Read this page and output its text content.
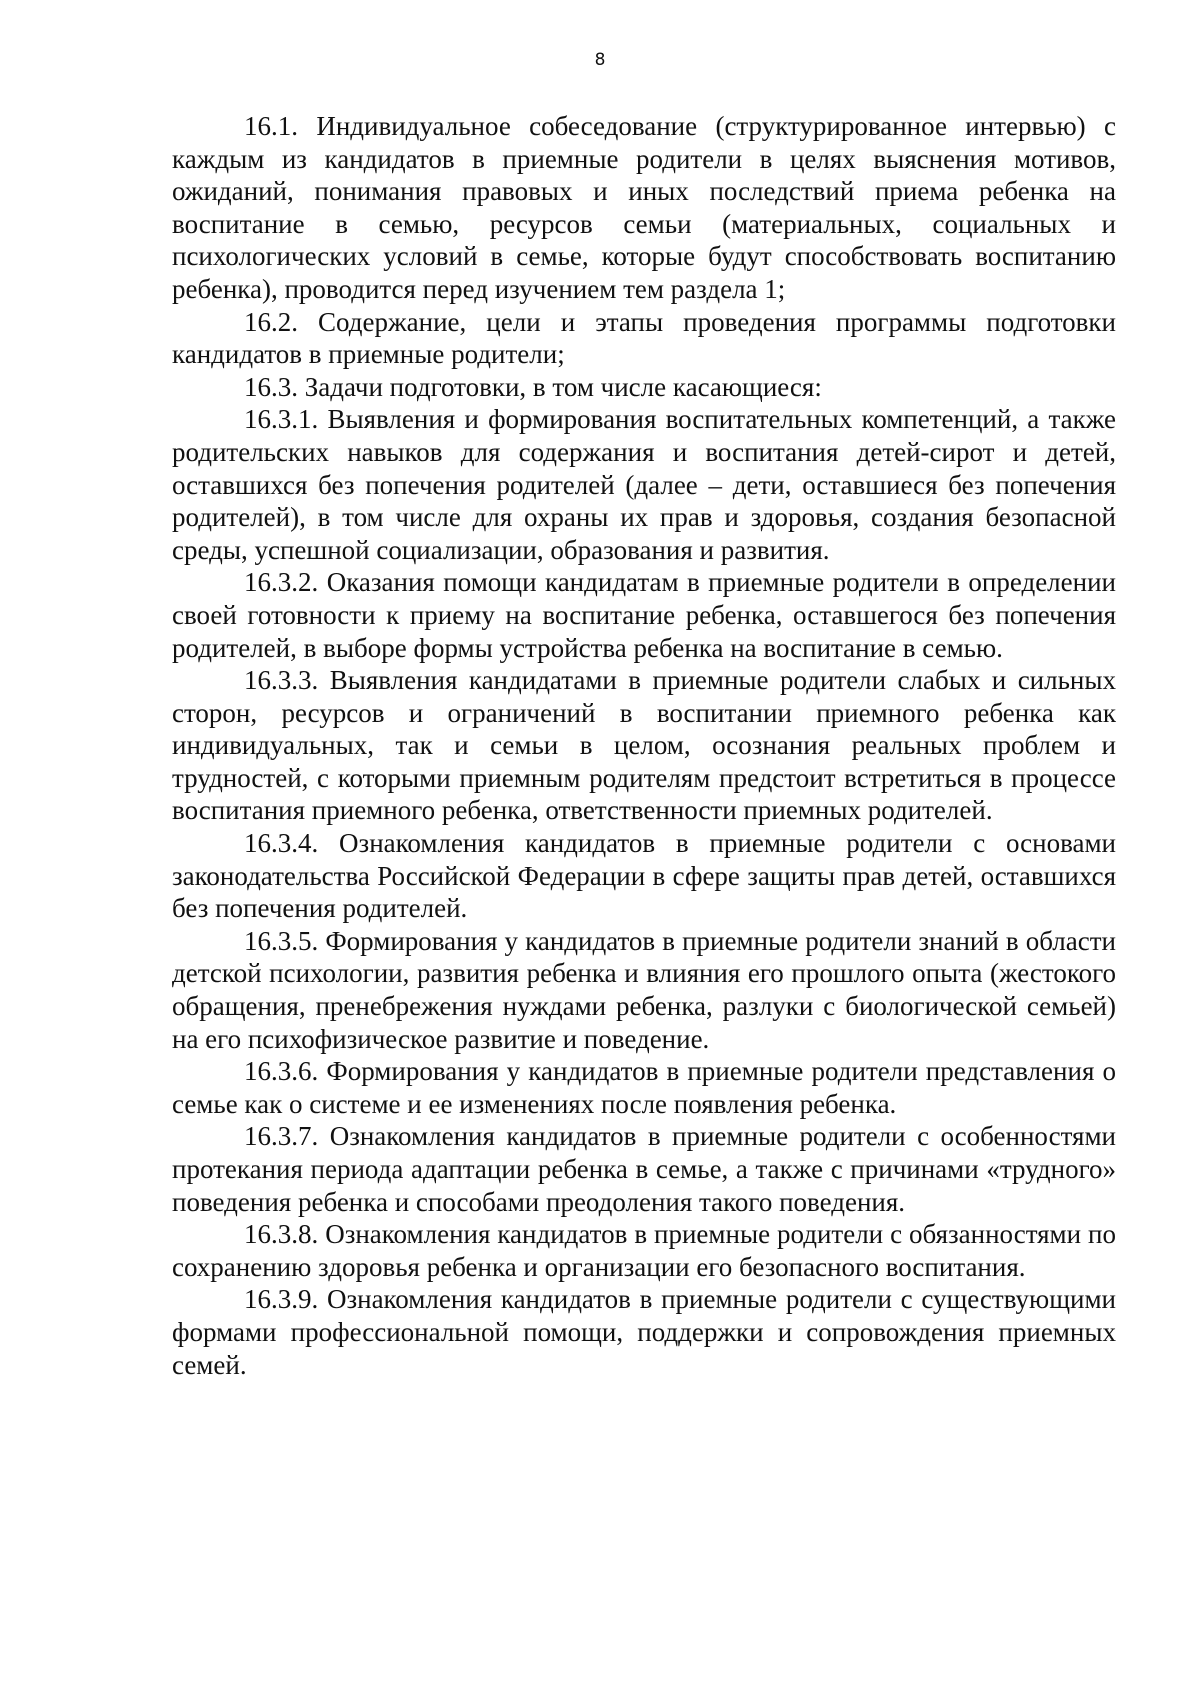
8

16.1. Индивидуальное собеседование (структурированное интервью) с каждым из кандидатов в приемные родители в целях выяснения мотивов, ожиданий, понимания правовых и иных последствий приема ребенка на воспитание в семью, ресурсов семьи (материальных, социальных и психологических условий в семье, которые будут способствовать воспитанию ребенка), проводится перед изучением тем раздела 1;

16.2. Содержание, цели и этапы проведения программы подготовки кандидатов в приемные родители;

16.3. Задачи подготовки, в том числе касающиеся:

16.3.1. Выявления и формирования воспитательных компетенций, а также родительских навыков для содержания и воспитания детей-сирот и детей, оставшихся без попечения родителей (далее – дети, оставшиеся без попечения родителей), в том числе для охраны их прав и здоровья, создания безопасной среды, успешной социализации, образования и развития.

16.3.2. Оказания помощи кандидатам в приемные родители в определении своей готовности к приему на воспитание ребенка, оставшегося без попечения родителей, в выборе формы устройства ребенка на воспитание в семью.

16.3.3. Выявления кандидатами в приемные родители слабых и сильных сторон, ресурсов и ограничений в воспитании приемного ребенка как индивидуальных, так и семьи в целом, осознания реальных проблем и трудностей, с которыми приемным родителям предстоит встретиться в процессе воспитания приемного ребенка, ответственности приемных родителей.

16.3.4. Ознакомления кандидатов в приемные родители с основами законодательства Российской Федерации в сфере защиты прав детей, оставшихся без попечения родителей.

16.3.5. Формирования у кандидатов в приемные родители знаний в области детской психологии, развития ребенка и влияния его прошлого опыта (жестокого обращения, пренебрежения нуждами ребенка, разлуки с биологической семьей) на его психофизическое развитие и поведение.

16.3.6. Формирования у кандидатов в приемные родители представления о семье как о системе и ее изменениях после появления ребенка.

16.3.7. Ознакомления кандидатов в приемные родители с особенностями протекания периода адаптации ребенка в семье, а также с причинами «трудного» поведения ребенка и способами преодоления такого поведения.

16.3.8. Ознакомления кандидатов в приемные родители с обязанностями по сохранению здоровья ребенка и организации его безопасного воспитания.

16.3.9. Ознакомления кандидатов в приемные родители с существующими формами профессиональной помощи, поддержки и сопровождения приемных семей.
